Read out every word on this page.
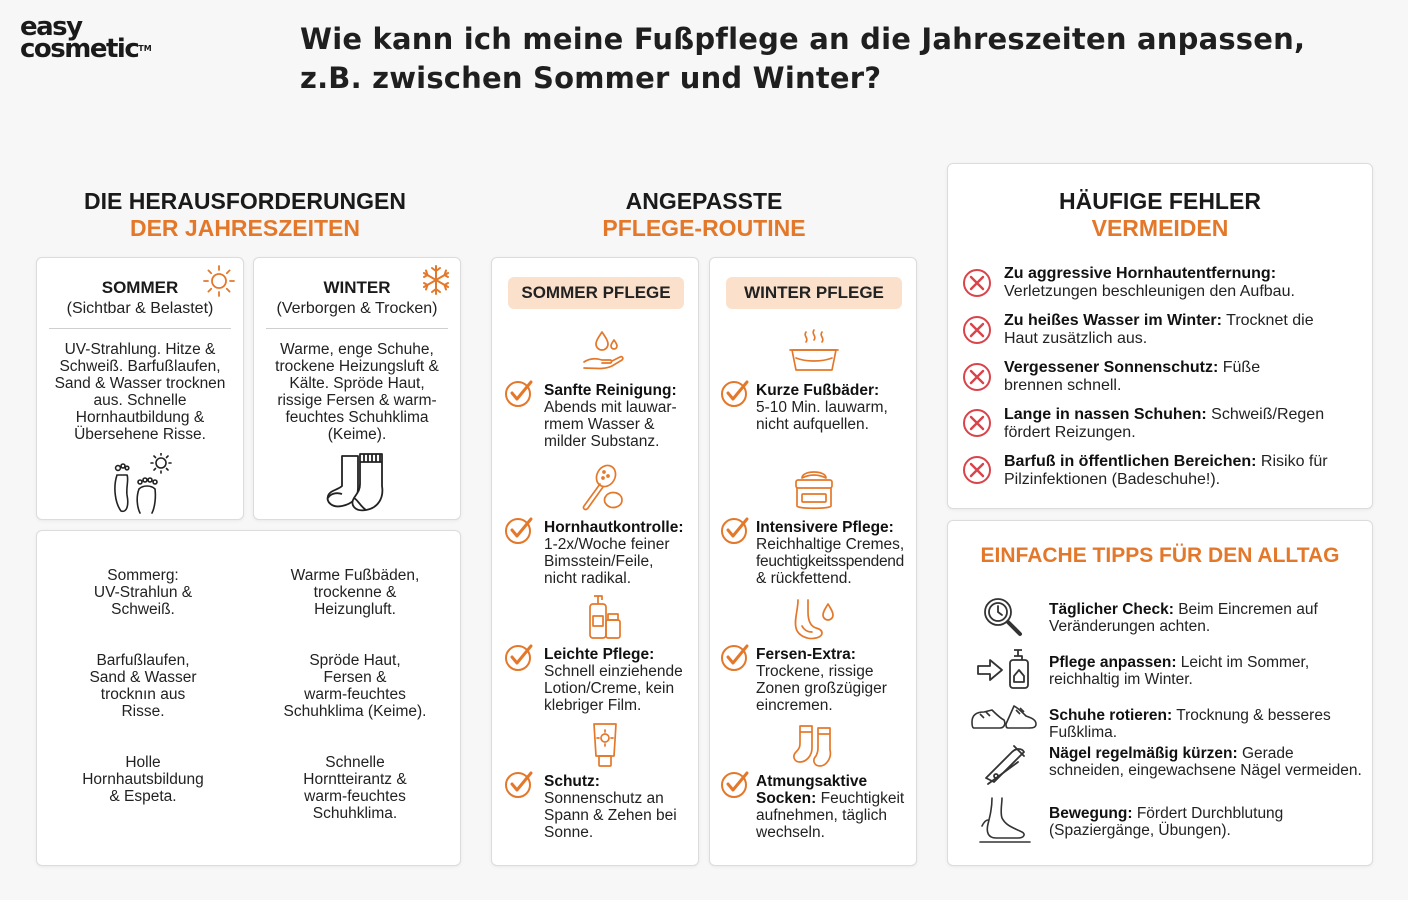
easy
cosmetic™	Wie kann ich meine Fußpflege an die Jahreszeiten anpassen,
z.B. zwischen Sommer und Winter?
DIE HERAUSFORDERUNGEN
DER JAHRESZEITEN
SOMMER
(Sichtbar & Belastet)
UV-Strahlung. Hitze &
Schweiß. Barfußlaufen,
Sand & Wasser trocknen
aus. Schnelle
Hornhautbildung &
Übersehene Risse.
WINTER
(Verborgen & Trocken)
Warme, enge Schuhe,
trockene Heizungsluft &
Kälte. Spröde Haut,
rissige Fersen & warm-
feuchtes Schuhklima
(Keime).
Sommerg:
UV-Strahlun &
Schweiß.
Warme Fußbäden,
trockenne &
Heizungluft.
Barfußlaufen,
Sand & Wasser
trocknın aus
Risse.
Spröde Haut,
Fersen &
warm-feuchtes
Schuhklima (Keime).
Holle
Hornhautsbildung
& Espeta.
Schnelle
Horntteirantz &
warm-feuchtes
Schuhklima.
ANGEPASSTE
PFLEGE-ROUTINE
SOMMER PFLEGE
Sanfte Reinigung:
Abends mit lauwar-
rmem Wasser &
milder Substanz.
Hornhautkontrolle:
1-2x/Woche feiner
Bimsstein/Feile,
nicht radikal.
Leichte Pflege:
Schnell einziehende
Lotion/Creme, kein
klebriger Film.
Schutz:
Sonnenschutz an
Spann & Zehen bei
Sonne.
WINTER PFLEGE
Kurze Fußbäder:
5-10 Min. lauwarm,
nicht aufquellen.
Intensivere Pflege:
Reichhaltige Cremes,
feuchtigkeitsspendend
& rückfettend.
Fersen-Extra:
Trockene, rissige
Zonen großzügiger
eincremen.
Atmungsaktive
Socken: Feuchtigkeit
aufnehmen, täglich
wechseln.
HÄUFIGE FEHLER
VERMEIDEN
Zu aggressive Hornhautentfernung:
Verletzungen beschleunigen den Aufbau.
Zu heißes Wasser im Winter: Trocknet die
Haut zusätzlich aus.
Vergessener Sonnenschutz: Füße
brennen schnell.
Lange in nassen Schuhen: Schweiß/Regen
fördert Reizungen.
Barfuß in öffentlichen Bereichen: Risiko für
Pilzinfektionen (Badeschuhe!).
EINFACHE TIPPS FÜR DEN ALLTAG
Täglicher Check: Beim Eincremen auf
Veränderungen achten.
Pflege anpassen: Leicht im Sommer,
reichhaltig im Winter.
Schuhe rotieren: Trocknung & besseres
Fußklima.
Nägel regelmäßig kürzen: Gerade
schneiden, eingewachsene Nägel vermeiden.
Bewegung: Fördert Durchblutung
(Spaziergänge, Übungen).
